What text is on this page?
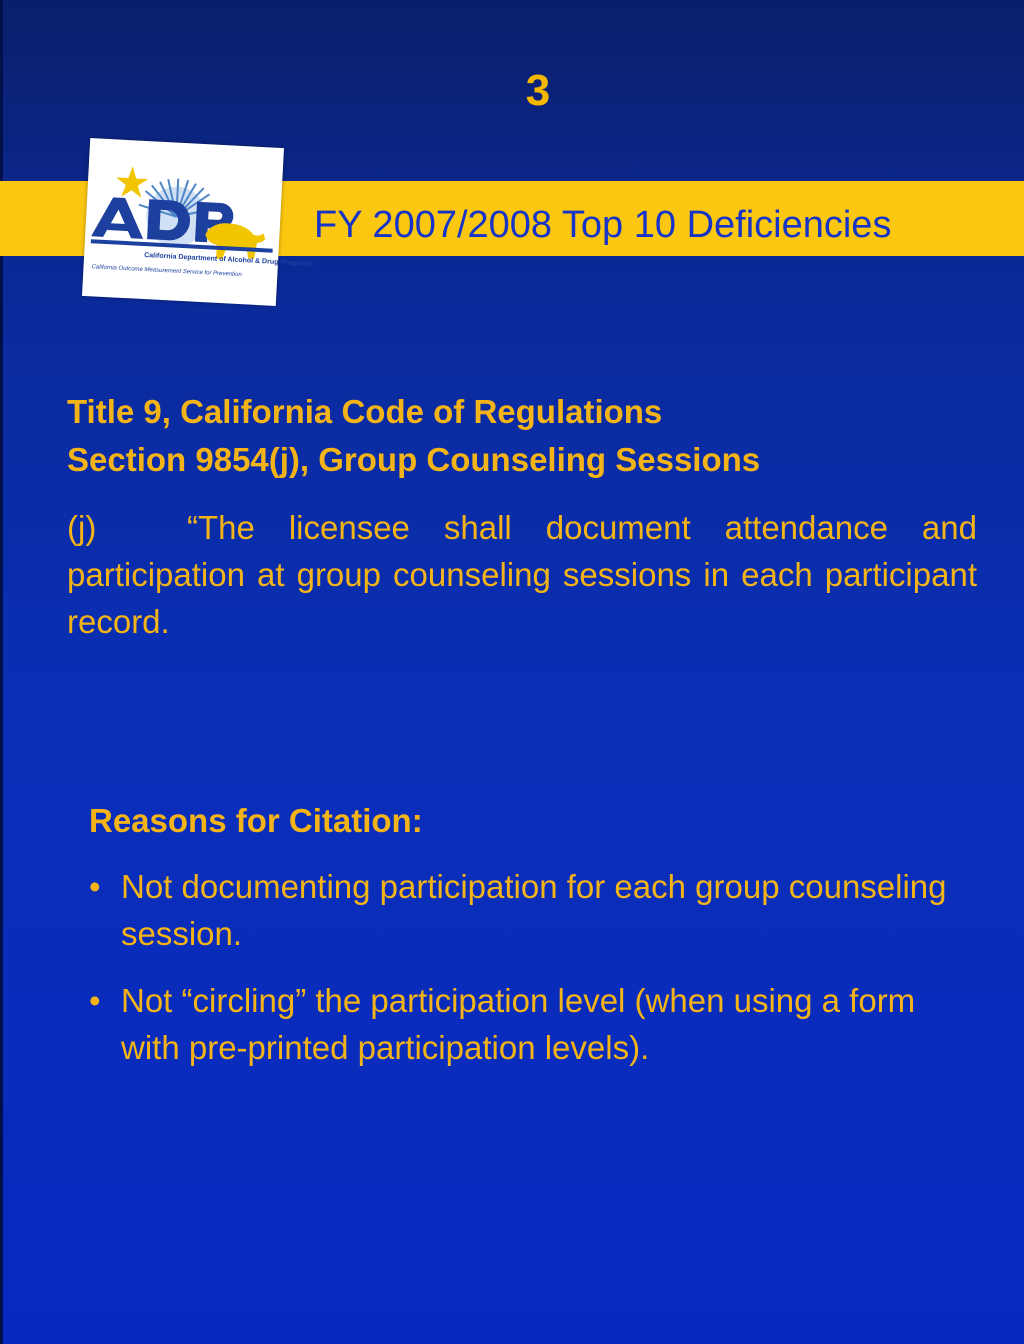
3
FY 2007/2008 Top 10 Deficiencies
California Department of Alcohol & Drug Programs
California Outcome Measurement Service for Prevention
Title 9, California Code of Regulations
Section 9854(j), Group Counseling Sessions
(j)	“The licensee shall document attendance and participation at group counseling sessions in each participant record.
Reasons for Citation:
• Not documenting participation for each group counseling session.
• Not “circling” the participation level (when using a form with pre-printed participation levels).
